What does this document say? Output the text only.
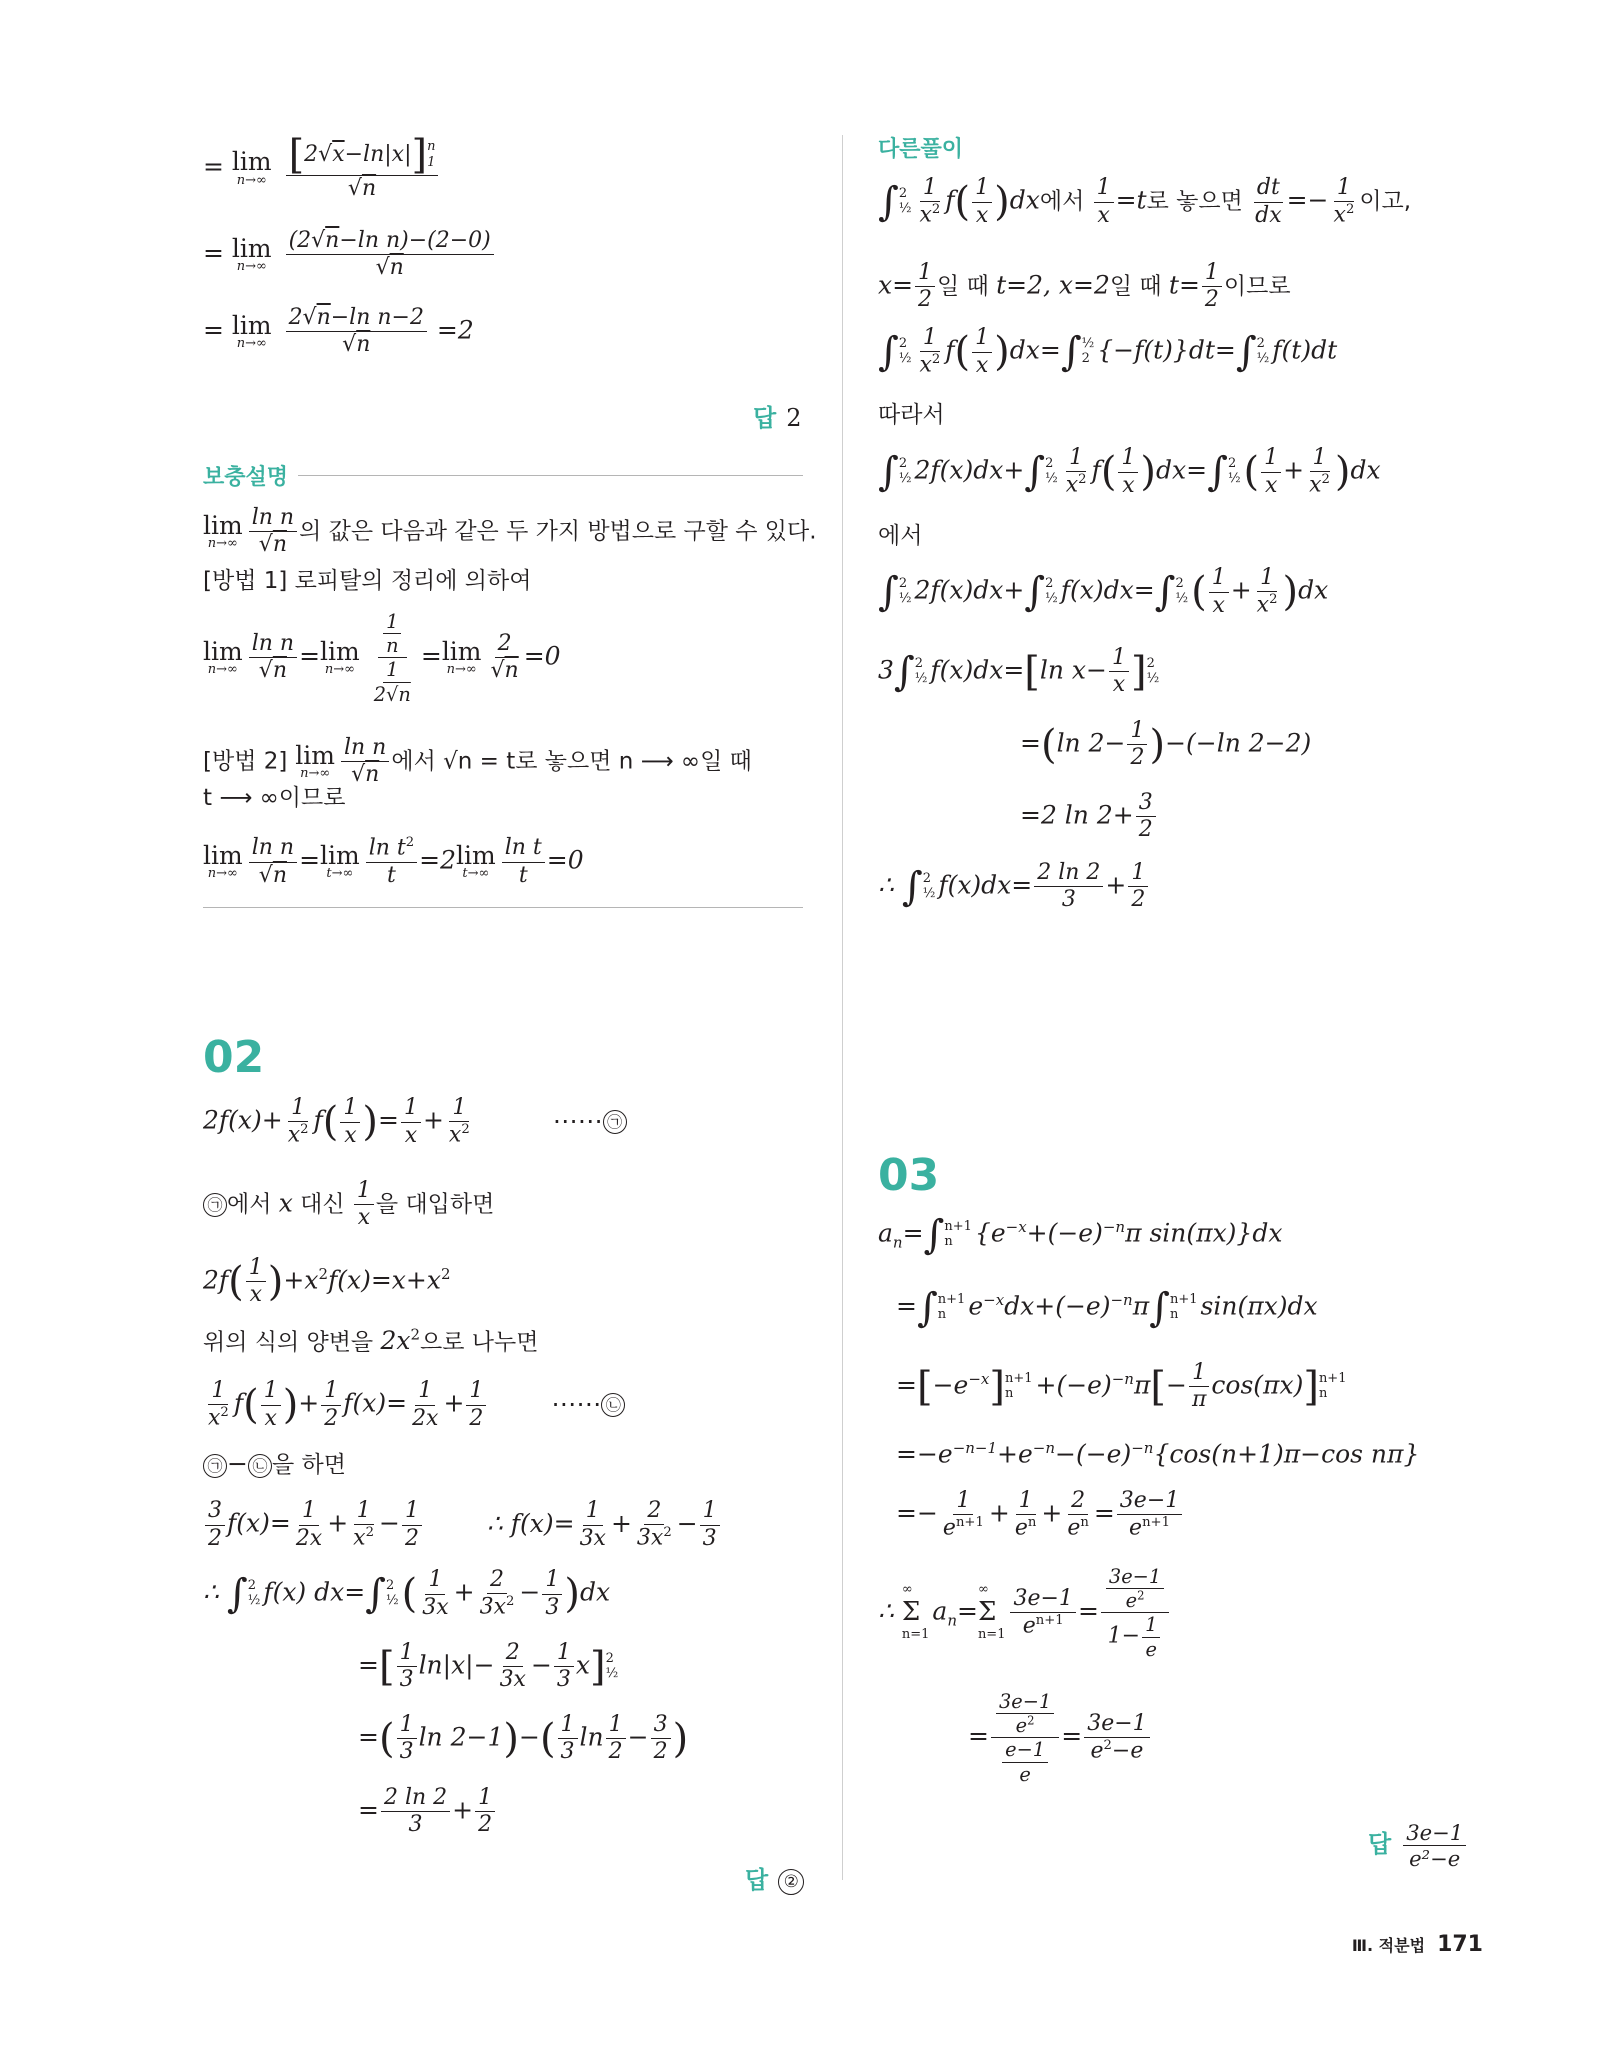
= lim
n→∞
[2√x−ln|x|] n
1
√n
= lim
n→∞
$\frac{\text{(2√n−ln n)−(2−0)}}{√n}$
= lim
n→∞
$\frac{\text{2√n−ln n−2}}{√n} =2$
답 2
보충설명
lim
$n\to\infty \frac{\text{ln n}}{√n}$ 의 값은 다음과 같은 두 가지 방법으로 구할 수 있다.
[방법 1] 로피탈의 정리에 의하여
lim
$n\to\infty \frac{\text{ln n}}{√n} = \lim$
$n\to\infty \frac{\frac{1}{n}}{\frac{1}{2√n}} = \lim$
$n\to\infty \frac{2}{√n} =0$
[방법 2] lim
$n\to\infty \frac{\text{ln n}}{√n}$ 에서 √n = t로 놓으면 n ⟶ ∞일 때
t ⟶ ∞이므로
lim
$n\to\infty \frac{\text{ln n}}{√n} = \lim$
$t\to\infty \frac{\ln t^2}{t} =2$ lim
$t\to\infty \frac{\text{ln t}}{t} =0$
02
$2f(x)+ \frac{1}{x^2} f( \frac{1}{x}$ )= $\frac{1}{x} + \frac{1}{x^2}$	⋯⋯ ㉠
㉠ 에서 x 대신 $\frac{1}{x}$ 을 대입하면
$2f( \frac{1}{x} )+x^2f(x)=x+x^2$
위의 식의 양변을 $2x^2$으로 나누면
$\frac{1}{x^2} f( \frac{1}{x}$ )+ $\frac{1}{2} f(x)= \frac{1}{2x} + \frac{1}{2}$	⋯⋯ ㉡
㉠ − ㉡ 을 하면
$\frac{3}{2} f(x)= \frac{1}{2x} + \frac{1}{x^2} - \frac{1}{2}$	∴ $f(x)= \frac{1}{3x} + \frac{2}{3x^2} - \frac{1}{3}$
∴ ∫ 2
½ f(x) dx=∫ 2
½ ( $\frac{1}{3x} + \frac{2}{3x^2} - \frac{1}{3} )dx$
=[ $\frac{1}{3} \ln|x|- \frac{2}{3x} - \frac{1}{3} x$] 2
½
=( $\frac{1}{3}$ $\ln 2-1)-( \frac{1}{3}$ $\ln \frac{1}{2} - \frac{3}{2}$ )
= $\frac{2 \ln 2}{3} + \frac{1}{2}$
답 ②
다른풀이
∫ 2
½ $\frac{1}{x^2} f( \frac{1}{x} )dx$에서 $\frac{1}{x} =t$로 놓으면 $\frac{dt}{dx} =- \frac{1}{x^2}$ 이고,
$x= \frac{1}{2}$ 일 때 t=2, x=2일 때 $t= \frac{1}{2}$ 이므로
∫ 2
½ $\frac{1}{x^2} f( \frac{1}{x} )dx=\int$ ½
2 {−f(t)}dt=∫ 2
½ f(t)dt
따라서
∫ 2
½ 2f(x)dx+∫ 2
½ $\frac{1}{x^2} f( \frac{1}{x} )dx=\int$ 2
½ ( $\frac{1}{x} + \frac{1}{x^2} )dx$
에서
∫ 2
½ 2f(x)dx+∫ 2
½ f(x)dx=∫ 2
½ ( $\frac{1}{x} + \frac{1}{x^2} )dx$
3∫ 2
½ f(x)dx=[ln $x- \frac{1}{x}$ ] 2
½
=(ln $2- \frac{1}{2} )-(-\ln$ 2−2)
=2 $\ln 2+ \frac{3}{2}$
∴ ∫ 2
½ $f(x)dx= \frac{2 \ln 2}{3} + \frac{1}{2}$
03
$a_n=\int$ n+1
n {$e^{-x}+(-e)^{-n}\pi$ sin(πx)}dx
=∫ n+1
n $e^{-x}dx+(-e)^{-n}\pi\int$ n+1
n sin(πx)dx
$=[-e^{-x}]$ n+1
$n +(-e)^{-n}\pi[- \frac{1}{\pi} \cos(\pi x)]$ n+1
n
$=-e^{-n-1}+e^{-n}-(-e)^{-n}\{\cos(n+1)\pi-\cos$ nπ}
=− $\frac{1}{e^{n+1}} + \frac{1}{e^n} + \frac{2}{e^n} = \frac{3e-1}{e^{n+1}}$
∴
∞
Σ
n=1
$a_n=$
∞
Σ
$n=1 \frac{3e-1}{e^{n+1}} = \frac{\frac{3e-1}{e^2}}{1- \frac{1}{e}}$
= $\frac{\frac{3e-1}{e^2}}{\frac{e-1}{e}} = \frac{3e-1}{e^2-e}$
답 $\frac{3e-1}{\text{e²−e}}$
Ⅲ. 적분법 171
